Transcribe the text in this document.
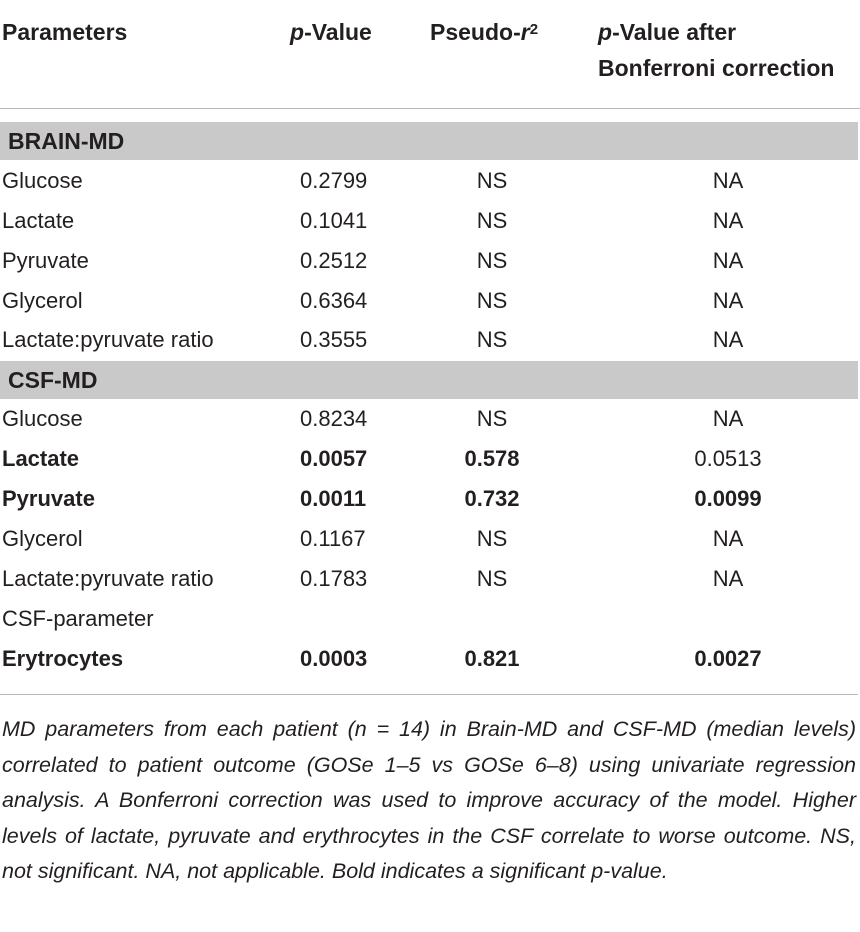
Parameters	p-Value	Pseudo-$r^2$	p-Value after
Bonferroni correction
BRAIN-MD
Glucose	0.2799	NS	NA
Lactate	0.1041	NS	NA
Pyruvate	0.2512	NS	NA
Glycerol	0.6364	NS	NA
Lactate:pyruvate ratio	0.3555	NS	NA
CSF-MD
Glucose	0.8234	NS	NA
Lactate	0.0057	0.578	0.0513
Pyruvate	0.0011	0.732	0.0099
Glycerol	0.1167	NS	NA
Lactate:pyruvate ratio	0.1783	NS	NA
CSF-parameter
Erytrocytes	0.0003	0.821	0.0027
MD parameters from each patient (n = 14) in Brain-MD and CSF-MD (median levels) correlated to patient outcome (GOSe 1–5 vs GOSe 6–8) using univariate regression analysis. A Bonferroni correction was used to improve accuracy of the model. Higher levels of lactate, pyruvate and erythrocytes in the CSF correlate to worse outcome. NS, not significant. NA, not applicable. Bold indicates a significant p-value.
